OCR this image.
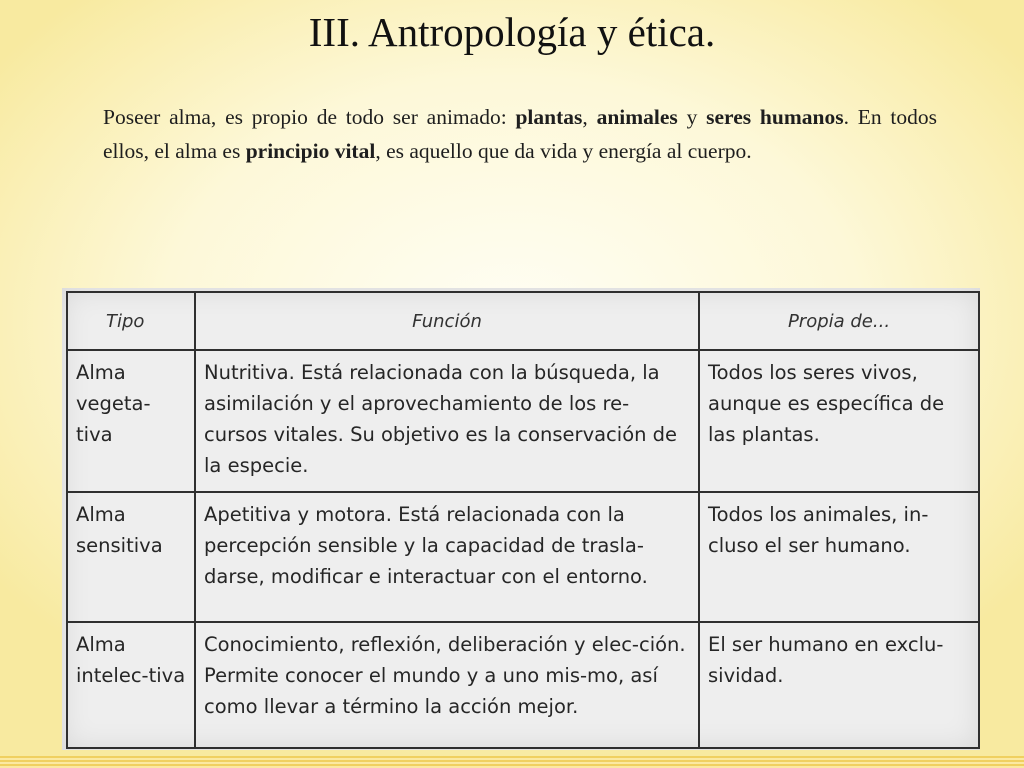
III. Antropología y ética.

Poseer alma, es propio de todo ser animado: plantas, animales y seres humanos. En todos ellos, el alma es principio vital, es aquello que da vida y energía al cuerpo.

Tipo	Función	Propia de...
Alma vegeta-tiva	Nutritiva. Está relacionada con la búsqueda, la asimilación y el aprovechamiento de los re-cursos vitales. Su objetivo es la conservación de la especie.	Todos los seres vivos, aunque es específica de las plantas.
Alma sensitiva	Apetitiva y motora. Está relacionada con la percepción sensible y la capacidad de trasla-darse, modificar e interactuar con el entorno.	Todos los animales, in-cluso el ser humano.
Alma intelec-tiva	Conocimiento, reflexión, deliberación y elec-ción. Permite conocer el mundo y a uno mis-mo, así como llevar a término la acción mejor.	El ser humano en exclu-sividad.
